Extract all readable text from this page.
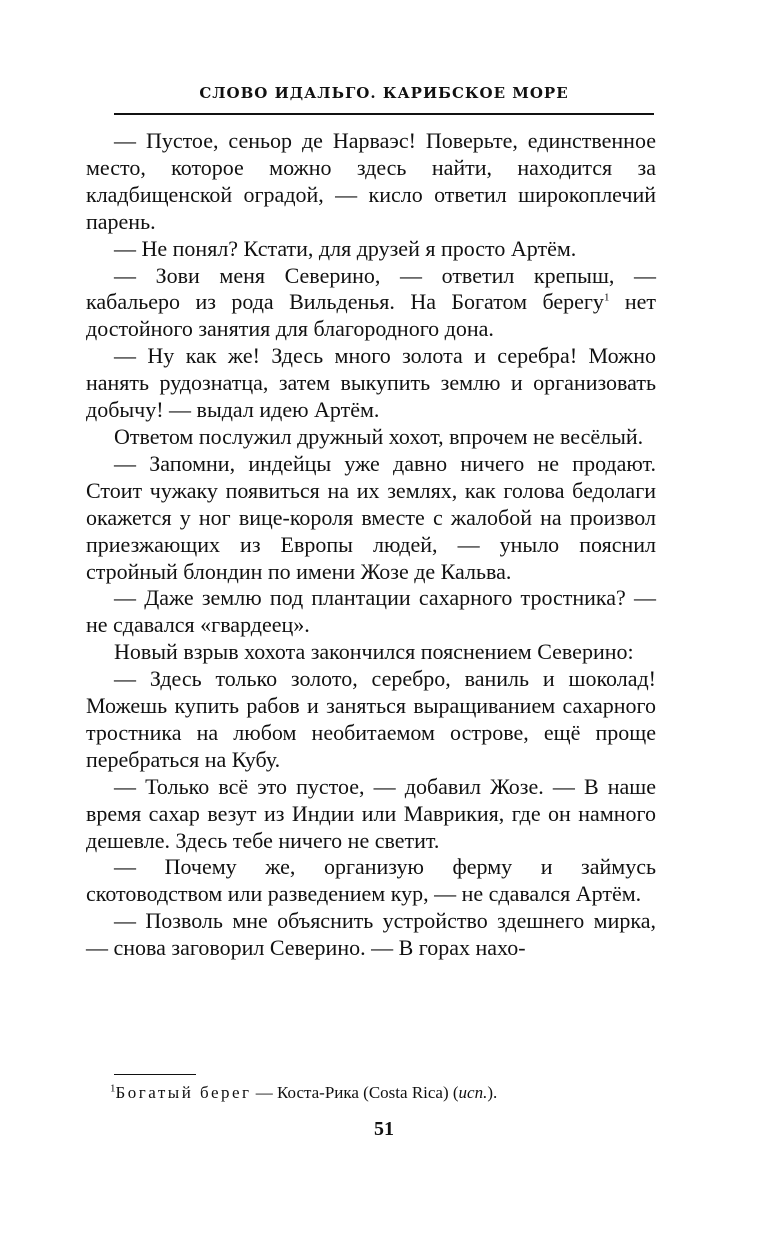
СЛОВО ИДАЛЬГО. КАРИБСКОЕ МОРЕ

— Пустое, сеньор де Нарваэс! Поверьте, единственное место, которое можно здесь найти, находится за кладбищенской оградой, — кисло ответил широкоплечий парень.

— Не понял? Кстати, для друзей я просто Артём.

— Зови меня Северино, — ответил крепыш, — кабальеро из рода Вильденья. На Богатом берегу$^1$ нет достойного занятия для благородного дона.

— Ну как же! Здесь много золота и серебра! Можно нанять рудознатца, затем выкупить землю и организовать добычу! — выдал идею Артём.

Ответом послужил дружный хохот, впрочем не весёлый.

— Запомни, индейцы уже давно ничего не продают. Стоит чужаку появиться на их землях, как голова бедолаги окажется у ног вице-короля вместе с жалобой на произвол приезжающих из Европы людей, — уныло пояснил стройный блондин по имени Жозе де Кальва.

— Даже землю под плантации сахарного тростника? — не сдавался «гвардеец».

Новый взрыв хохота закончился пояснением Северино:

— Здесь только золото, серебро, ваниль и шоколад! Можешь купить рабов и заняться выращиванием сахарного тростника на любом необитаемом острове, ещё проще перебраться на Кубу.

— Только всё это пустое, — добавил Жозе. — В наше время сахар везут из Индии или Маврикия, где он намного дешевле. Здесь тебе ничего не светит.

— Почему же, организую ферму и займусь скотоводством или разведением кур, — не сдавался Артём.

— Позволь мне объяснить устройство здешнего мирка, — снова заговорил Северино. — В горах нахо-

$^1$Богатый берег — Коста-Рика (Costa Rica) (исп.).
51
